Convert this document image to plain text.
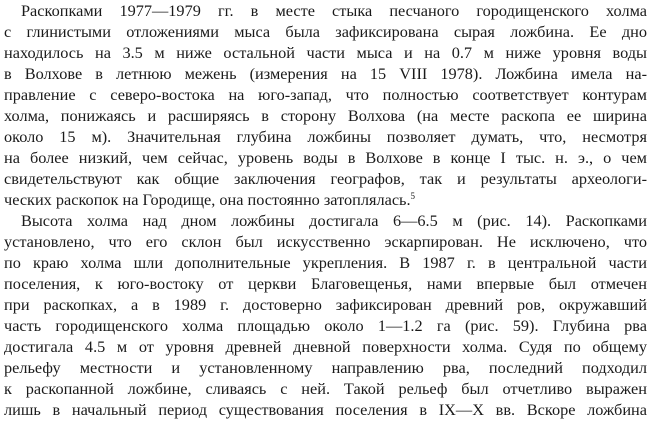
Раскопками 1977—1979 гг. в месте стыка песчаного городищенского холма
с глинистыми отложениями мыса была зафиксирована сырая ложбина. Ее дно
находилось на 3.5 м ниже остальной части мыса и на 0.7 м ниже уровня воды
в Волхове в летнюю межень (измерения на 15 VIII 1978). Ложбина имела на-
правление с северо-востока на юго-запад, что полностью соответствует контурам
холма, понижаясь и расширяясь в сторону Волхова (на месте раскопа ее ширина
около 15 м). Значительная глубина ложбины позволяет думать, что, несмотря
на более низкий, чем сейчас, уровень воды в Волхове в конце I тыс. н. э., о чем
свидетельствуют как общие заключения географов, так и результаты археологи-
ческих раскопок на Городище, она постоянно затоплялась.$^5$
Высота холма над дном ложбины достигала 6—6.5 м (рис. 14). Раскопками
установлено, что его склон был искусственно эскарпирован. Не исключено, что
по краю холма шли дополнительные укрепления. В 1987 г. в центральной части
поселения, к юго-востоку от церкви Благовещенья, нами впервые был отмечен
при раскопках, а в 1989 г. достоверно зафиксирован древний ров, окружавший
часть городищенского холма площадью около 1—1.2 га (рис. 59). Глубина рва
достигала 4.5 м от уровня древней дневной поверхности холма. Судя по общему
рельефу местности и установленному направлению рва, последний подходил
к раскопанной ложбине, сливаясь с ней. Такой рельеф был отчетливо выражен
лишь в начальный период существования поселения в IX—X вв. Вскоре ложбина
